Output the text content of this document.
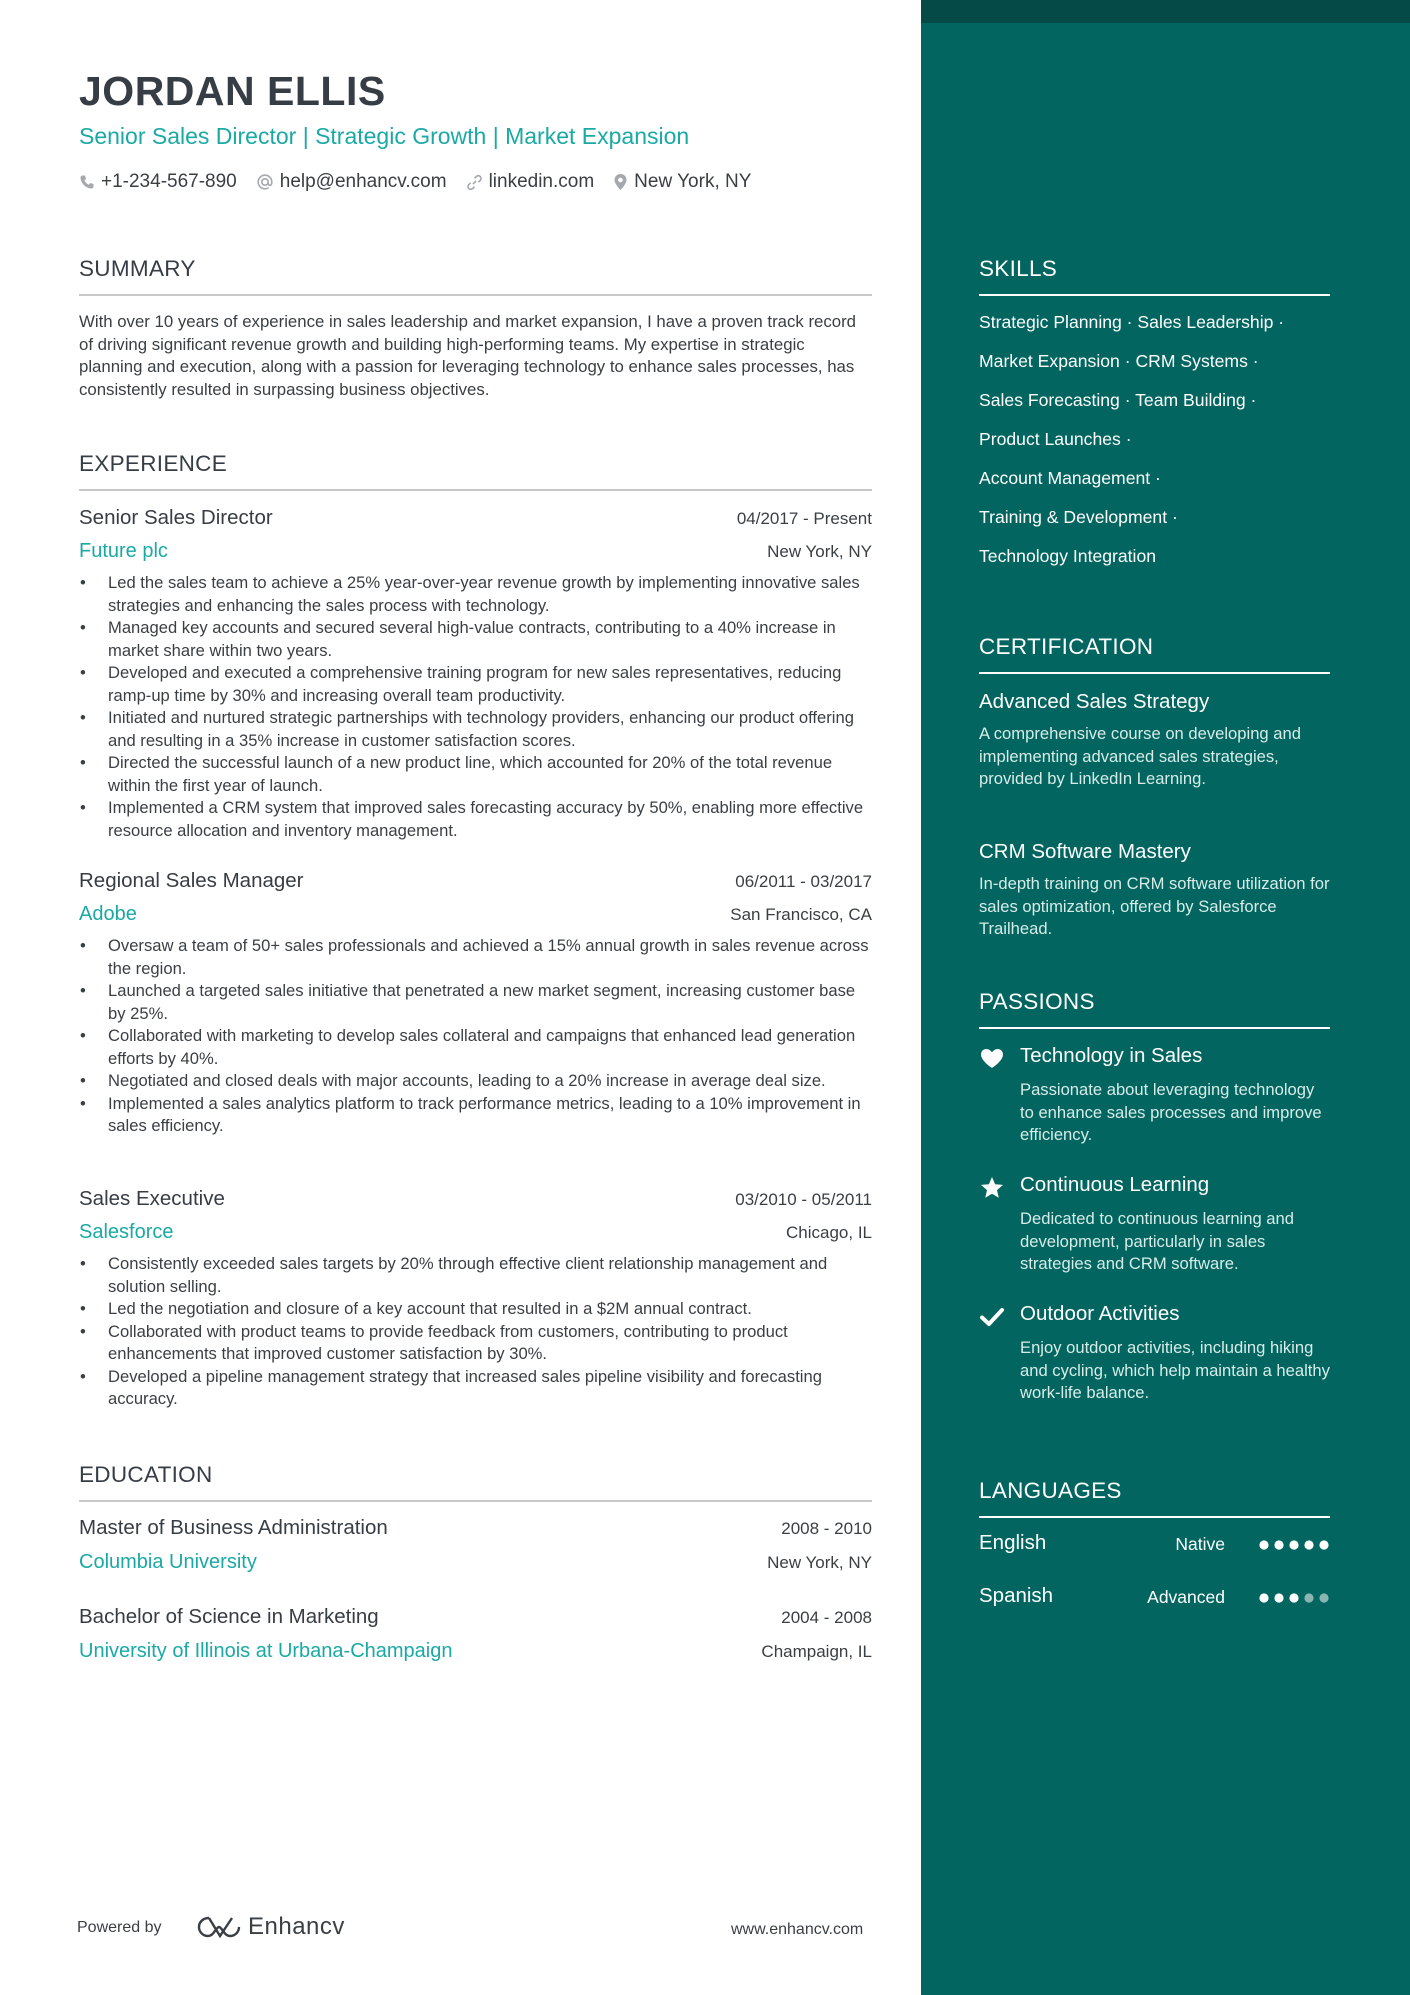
JORDAN ELLIS
Senior Sales Director | Strategic Growth | Market Expansion
+1-234-567-890 help@enhancv.com linkedin.com New York, NY
SUMMARY
With over 10 years of experience in sales leadership and market expansion, I have a proven track record of driving significant revenue growth and building high-performing teams. My expertise in strategic planning and execution, along with a passion for leveraging technology to enhance sales processes, has consistently resulted in surpassing business objectives.
EXPERIENCE
Senior Sales Director	04/2017 - Present
Future plc	New York, NY
• Led the sales team to achieve a 25% year-over-year revenue growth by implementing innovative sales strategies and enhancing the sales process with technology.
• Managed key accounts and secured several high-value contracts, contributing to a 40% increase in market share within two years.
• Developed and executed a comprehensive training program for new sales representatives, reducing ramp-up time by 30% and increasing overall team productivity.
• Initiated and nurtured strategic partnerships with technology providers, enhancing our product offering and resulting in a 35% increase in customer satisfaction scores.
• Directed the successful launch of a new product line, which accounted for 20% of the total revenue within the first year of launch.
• Implemented a CRM system that improved sales forecasting accuracy by 50%, enabling more effective resource allocation and inventory management.
Regional Sales Manager	06/2011 - 03/2017
Adobe	San Francisco, CA
• Oversaw a team of 50+ sales professionals and achieved a 15% annual growth in sales revenue across the region.
• Launched a targeted sales initiative that penetrated a new market segment, increasing customer base by 25%.
• Collaborated with marketing to develop sales collateral and campaigns that enhanced lead generation efforts by 40%.
• Negotiated and closed deals with major accounts, leading to a 20% increase in average deal size.
• Implemented a sales analytics platform to track performance metrics, leading to a 10% improvement in sales efficiency.
Sales Executive	03/2010 - 05/2011
Salesforce	Chicago, IL
• Consistently exceeded sales targets by 20% through effective client relationship management and solution selling.
• Led the negotiation and closure of a key account that resulted in a $2M annual contract.
• Collaborated with product teams to provide feedback from customers, contributing to product enhancements that improved customer satisfaction by 30%.
• Developed a pipeline management strategy that increased sales pipeline visibility and forecasting accuracy.
EDUCATION
Master of Business Administration	2008 - 2010
Columbia University	New York, NY
Bachelor of Science in Marketing	2004 - 2008
University of Illinois at Urbana-Champaign	Champaign, IL
Powered by	Enhancv	www.enhancv.com
SKILLS
Strategic Planning · Sales Leadership ·
Market Expansion · CRM Systems ·
Sales Forecasting · Team Building ·
Product Launches ·
Account Management ·
Training & Development ·
Technology Integration
CERTIFICATION
Advanced Sales Strategy
A comprehensive course on developing and implementing advanced sales strategies, provided by LinkedIn Learning.
CRM Software Mastery
In-depth training on CRM software utilization for sales optimization, offered by Salesforce Trailhead.
PASSIONS
Technology in Sales
Passionate about leveraging technology to enhance sales processes and improve efficiency.
Continuous Learning
Dedicated to continuous learning and development, particularly in sales strategies and CRM software.
Outdoor Activities
Enjoy outdoor activities, including hiking and cycling, which help maintain a healthy work-life balance.
LANGUAGES
English	Native
Spanish	Advanced
